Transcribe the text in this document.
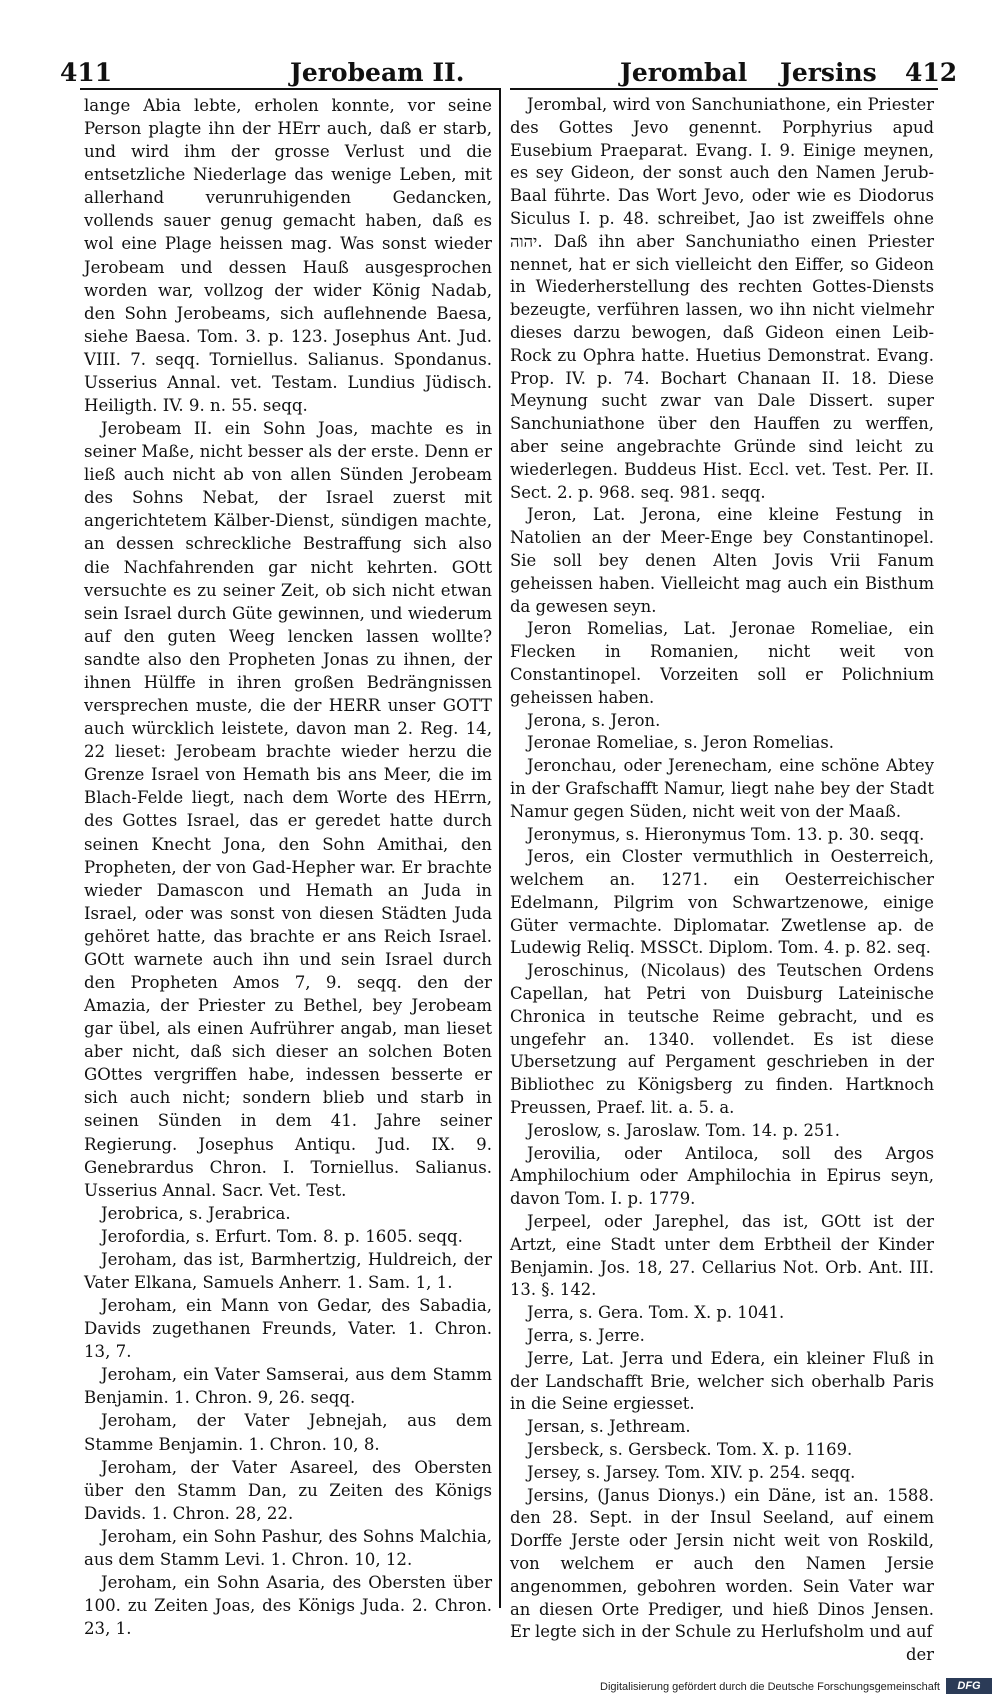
411	Jerobeam II.	Jerombal Jersins 412

lange Abia lebte, erholen konnte, vor seine Person plagte ihn der HErr auch, daß er starb, und wird ihm der grosse Verlust und die entsetzliche Niederlage das wenige Leben, mit allerhand verunruhigenden Gedancken, vollends sauer genug gemacht haben, daß es wol eine Plage heissen mag. Was sonst wieder Jerobeam und dessen Hauß ausgesprochen worden war, vollzog der wider König Nadab, den Sohn Jerobeams, sich auflehnende Baesa, siehe Baesa. Tom. 3. p. 123. Josephus Ant. Jud. VIII. 7. seqq. Torniellus. Salianus. Spondanus. Usserius Annal. vet. Testam. Lundius Jüdisch. Heiligth. IV. 9. n. 55. seqq.

Jerobeam II. ein Sohn Joas, machte es in seiner Maße, nicht besser als der erste. Denn er ließ auch nicht ab von allen Sünden Jerobeam des Sohns Nebat, der Israel zuerst mit angerichtetem Kälber-Dienst, sündigen machte, an dessen schreckliche Bestraffung sich also die Nachfahrenden gar nicht kehrten. GOtt versuchte es zu seiner Zeit, ob sich nicht etwan sein Israel durch Güte gewinnen, und wiederum auf den guten Weeg lencken lassen wollte? sandte also den Propheten Jonas zu ihnen, der ihnen Hülffe in ihren großen Bedrängnissen versprechen muste, die der HERR unser GOTT auch würcklich leistete, davon man 2. Reg. 14, 22 lieset: Jerobeam brachte wieder herzu die Grenze Israel von Hemath bis ans Meer, die im Blach-Felde liegt, nach dem Worte des HErrn, des Gottes Israel, das er geredet hatte durch seinen Knecht Jona, den Sohn Amithai, den Propheten, der von Gad-Hepher war. Er brachte wieder Damascon und Hemath an Juda in Israel, oder was sonst von diesen Städten Juda gehöret hatte, das brachte er ans Reich Israel. GOtt warnete auch ihn und sein Israel durch den Propheten Amos 7, 9. seqq. den der Amazia, der Priester zu Bethel, bey Jerobeam gar übel, als einen Aufrührer angab, man lieset aber nicht, daß sich dieser an solchen Boten GOttes vergriffen habe, indessen besserte er sich auch nicht; sondern blieb und starb in seinen Sünden in dem 41. Jahre seiner Regierung. Josephus Antiqu. Jud. IX. 9. Genebrardus Chron. I. Torniellus. Salianus. Usserius Annal. Sacr. Vet. Test.

Jerobrica, s. Jerabrica.

Jerofordia, s. Erfurt. Tom. 8. p. 1605. seqq.

Jeroham, das ist, Barmhertzig, Huldreich, der Vater Elkana, Samuels Anherr. 1. Sam. 1, 1.

Jeroham, ein Mann von Gedar, des Sabadia, Davids zugethanen Freunds, Vater. 1. Chron. 13, 7.

Jeroham, ein Vater Samserai, aus dem Stamm Benjamin. 1. Chron. 9, 26. seqq.

Jeroham, der Vater Jebnejah, aus dem Stamme Benjamin. 1. Chron. 10, 8.

Jeroham, der Vater Asareel, des Obersten über den Stamm Dan, zu Zeiten des Königs Davids. 1. Chron. 28, 22.

Jeroham, ein Sohn Pashur, des Sohns Malchia, aus dem Stamm Levi. 1. Chron. 10, 12.

Jeroham, ein Sohn Asaria, des Obersten über 100. zu Zeiten Joas, des Königs Juda. 2. Chron. 23, 1.

Jerombal, wird von Sanchuniathone, ein Priester des Gottes Jevo genennt. Porphyrius apud Eusebium Praeparat. Evang. I. 9. Einige meynen, es sey Gideon, der sonst auch den Namen Jerub-Baal führte. Das Wort Jevo, oder wie es Diodorus Siculus I. p. 48. schreibet, Jao ist zweiffels ohne יהוה. Daß ihn aber Sanchuniatho einen Priester nennet, hat er sich vielleicht den Eiffer, so Gideon in Wiederherstellung des rechten Gottes-Diensts bezeugte, verführen lassen, wo ihn nicht vielmehr dieses darzu bewogen, daß Gideon einen Leib-Rock zu Ophra hatte. Huetius Demonstrat. Evang. Prop. IV. p. 74. Bochart Chanaan II. 18. Diese Meynung sucht zwar van Dale Dissert. super Sanchuniathone über den Hauffen zu werffen, aber seine angebrachte Gründe sind leicht zu wiederlegen. Buddeus Hist. Eccl. vet. Test. Per. II. Sect. 2. p. 968. seq. 981. seqq.

Jeron, Lat. Jerona, eine kleine Festung in Natolien an der Meer-Enge bey Constantinopel. Sie soll bey denen Alten Jovis Vrii Fanum geheissen haben. Vielleicht mag auch ein Bisthum da gewesen seyn.

Jeron Romelias, Lat. Jeronae Romeliae, ein Flecken in Romanien, nicht weit von Constantinopel. Vorzeiten soll er Polichnium geheissen haben.

Jerona, s. Jeron.

Jeronae Romeliae, s. Jeron Romelias.

Jeronchau, oder Jerenecham, eine schöne Abtey in der Grafschafft Namur, liegt nahe bey der Stadt Namur gegen Süden, nicht weit von der Maaß.

Jeronymus, s. Hieronymus Tom. 13. p. 30. seqq.

Jeros, ein Closter vermuthlich in Oesterreich, welchem an. 1271. ein Oesterreichischer Edelmann, Pilgrim von Schwartzenowe, einige Güter vermachte. Diplomatar. Zwetlense ap. de Ludewig Reliq. MSSCt. Diplom. Tom. 4. p. 82. seq.

Jeroschinus, (Nicolaus) des Teutschen Ordens Capellan, hat Petri von Duisburg Lateinische Chronica in teutsche Reime gebracht, und es ungefehr an. 1340. vollendet. Es ist diese Ubersetzung auf Pergament geschrieben in der Bibliothec zu Königsberg zu finden. Hartknoch Preussen, Praef. lit. a. 5. a.

Jeroslow, s. Jaroslaw. Tom. 14. p. 251.

Jerovilia, oder Antiloca, soll des Argos Amphilochium oder Amphilochia in Epirus seyn, davon Tom. I. p. 1779.

Jerpeel, oder Jarephel, das ist, GOtt ist der Artzt, eine Stadt unter dem Erbtheil der Kinder Benjamin. Jos. 18, 27. Cellarius Not. Orb. Ant. III. 13. §. 142.

Jerra, s. Gera. Tom. X. p. 1041.

Jerra, s. Jerre.

Jerre, Lat. Jerra und Edera, ein kleiner Fluß in der Landschafft Brie, welcher sich oberhalb Paris in die Seine ergiesset.

Jersan, s. Jethream.

Jersbeck, s. Gersbeck. Tom. X. p. 1169.

Jersey, s. Jarsey. Tom. XIV. p. 254. seqq.

Jersins, (Janus Dionys.) ein Däne, ist an. 1588. den 28. Sept. in der Insul Seeland, auf einem Dorffe Jerste oder Jersin nicht weit von Roskild, von welchem er auch den Namen Jersie angenommen, gebohren worden. Sein Vater war an diesen Orte Prediger, und hieß Dinos Jensen. Er legte sich in der Schule zu Herlufsholm und auf

der

Digitalisierung gefördert durch die Deutsche Forschungsgemeinschaft	DFG
